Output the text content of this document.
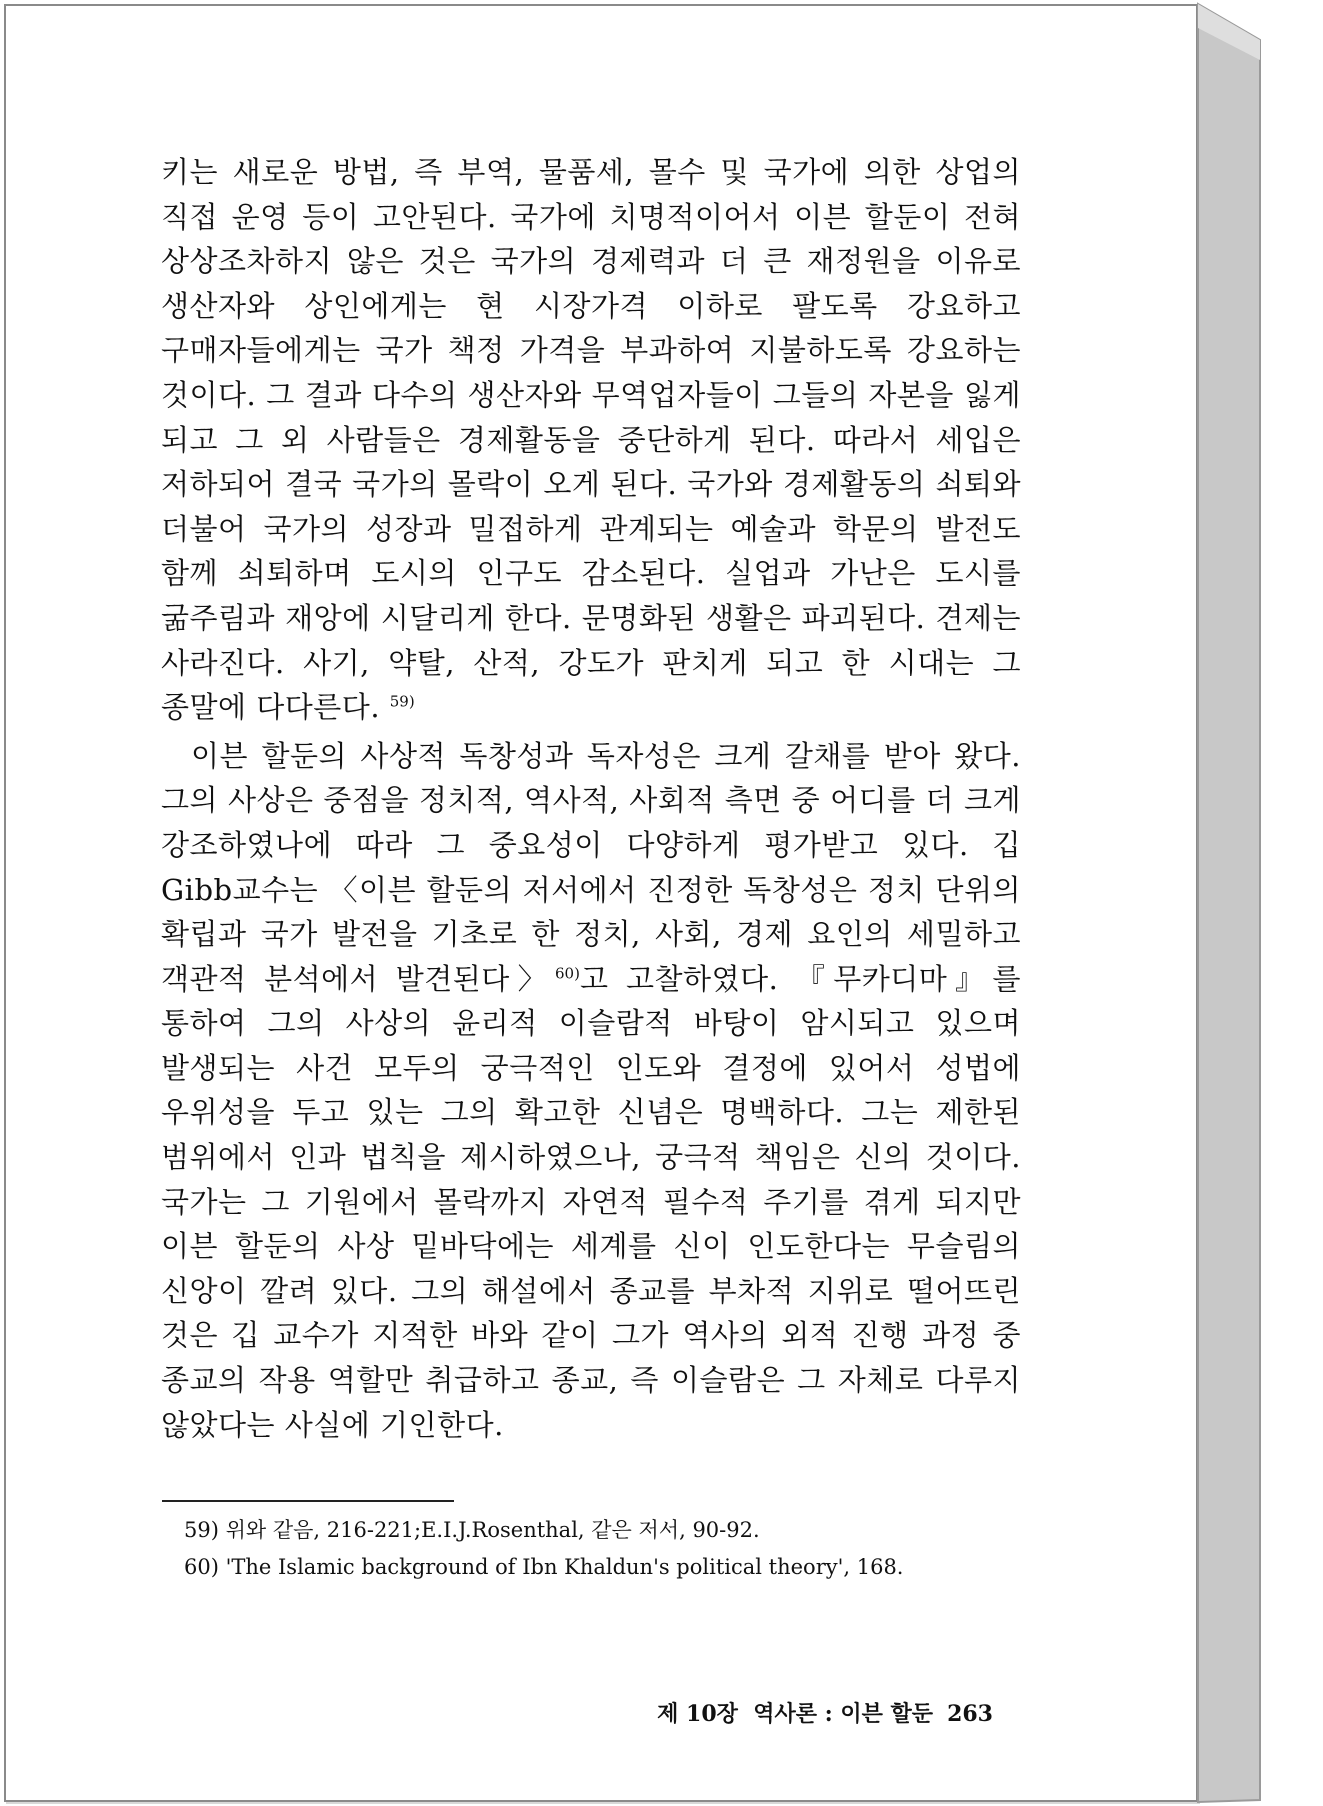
키는 새로운 방법, 즉 부역, 물품세, 몰수 및 국가에 의한 상업의 직접 운영 등이 고안된다. 국가에 치명적이어서 이븐 할둔이 전혀 상상조차하지 않은 것은 국가의 경제력과 더 큰 재정원을 이유로 생산자와 상인에게는 현 시장가격 이하로 팔도록 강요하고 구매자들에게는 국가 책정 가격을 부과하여 지불하도록 강요하는 것이다. 그 결과 다수의 생산자와 무역업자들이 그들의 자본을 잃게 되고 그 외 사람들은 경제활동을 중단하게 된다. 따라서 세입은 저하되어 결국 국가의 몰락이 오게 된다. 국가와 경제활동의 쇠퇴와 더불어 국가의 성장과 밀접하게 관계되는 예술과 학문의 발전도 함께 쇠퇴하며 도시의 인구도 감소된다. 실업과 가난은 도시를 굶주림과 재앙에 시달리게 한다. 문명화된 생활은 파괴된다. 견제는 사라진다. 사기, 약탈, 산적, 강도가 판치게 되고 한 시대는 그 종말에 다다른다. $^{59)}$

이븐 할둔의 사상적 독창성과 독자성은 크게 갈채를 받아 왔다. 그의 사상은 중점을 정치적, 역사적, 사회적 측면 중 어디를 더 크게 강조하였나에 따라 그 중요성이 다양하게 평가받고 있다. 깁 Gibb교수는 〈이븐 할둔의 저서에서 진정한 독창성은 정치 단위의 확립과 국가 발전을 기초로 한 정치, 사회, 경제 요인의 세밀하고 객관적 분석에서 발견된다〉$^{60)}$고 고찰하였다. 『무카디마』를 통하여 그의 사상의 윤리적 이슬람적 바탕이 암시되고 있으며 발생되는 사건 모두의 궁극적인 인도와 결정에 있어서 성법에 우위성을 두고 있는 그의 확고한 신념은 명백하다. 그는 제한된 범위에서 인과 법칙을 제시하였으나, 궁극적 책임은 신의 것이다. 국가는 그 기원에서 몰락까지 자연적 필수적 주기를 겪게 되지만 이븐 할둔의 사상 밑바닥에는 세계를 신이 인도한다는 무슬림의 신앙이 깔려 있다. 그의 해설에서 종교를 부차적 지위로 떨어뜨린 것은 깁 교수가 지적한 바와 같이 그가 역사의 외적 진행 과정 중 종교의 작용 역할만 취급하고 종교, 즉 이슬람은 그 자체로 다루지 않았다는 사실에 기인한다.

59) 위와 같음, 216-221;E.I.J.Rosenthal, 같은 저서, 90-92.
60) 'The Islamic background of Ibn Khaldun's political theory', 168.
제 10장  역사론 : 이븐 할둔 263
